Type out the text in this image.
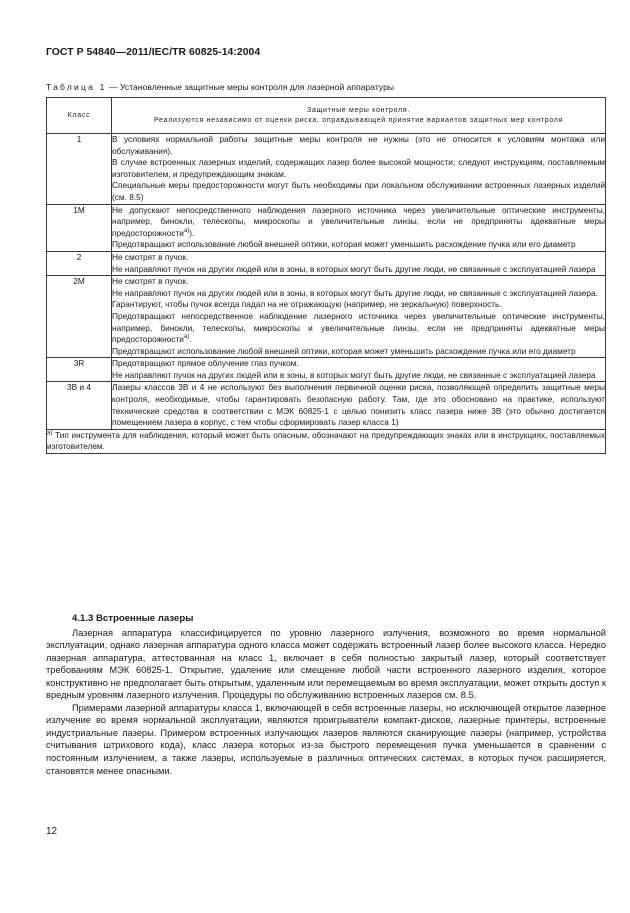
ГОСТ Р 54840—2011/IEC/TR 60825-14:2004
Таблица 1 — Установленные защитные меры контроля для лазерной аппаратуры
Класс	Защитные меры контроля.
Реализуются независимо от оценки риска, оправдывающей принятие вариантов защитных мер контроля

1	В условиях нормальной работы защитные меры контроля не нужны (это не относится к условиям монтажа или обслуживания).

В случае встроенных лазерных изделий, содержащих лазер более высокой мощности, следуют инструкциям, поставляемым изготовителем, и предупреждающим знакам.

Специальные меры предосторожности могут быть необходимы при локальном обслуживании встроенных лазерных изделий (см. 8.5)

1M	Не допускают непосредственного наблюдения лазерного источника через увеличительные оптические инструменты, например, бинокли, телескопы, микроскопы и увеличительные линзы, если не предприняты адекватные меры предосторожности$^{а)}$).

Предотвращают использование любой внешней оптики, которая может уменьшить расхождение пучка или его диаметр

2	Не смотрят в пучок.

Не направляют пучок на других людей или в зоны, в которых могут быть другие люди, не связанные с эксплуатацией лазера

2M	Не смотрят в пучок.

Не направляют пучок на других людей или в зоны, в которых могут быть другие люди, не связанные с эксплуатацией лазера.

Гарантируют, чтобы пучок всегда падал на не отражающую (например, не зеркальную) поверхность.

Предотвращают непосредственное наблюдение лазерного источника через увеличительные оптические инструменты, например, бинокли, телескопы, микроскопы и увеличительные линзы, если не предприняты адекватные меры предосторожности$^{а)}$.

Предотвращают использование любой внешней оптики, которая может уменьшить расхождение пучка или его диаметр

3R	Предотвращают прямое облучение глаз пучком.

Не направляют пучок на других людей или в зоны, в которых могут быть другие люди, не связанные с эксплуатацией лазера

3B и 4	Лазеры классов 3B и 4 не используют без выполнения первичной оценки риска, позволяющей определить защитные меры контроля, необходимые, чтобы гарантировать безопасную работу. Там, где это обосновано на практике, используют технические средства в соответствии с МЭК 60825-1 с целью понизить класс лазера ниже 3B (это обычно достигается помещением лазера в корпус, с тем чтобы сформировать лазер класса 1)

$^{а)}$ Тип инструмента для наблюдения, который может быть опасным, обозначают на предупреждающих знаках или в инструкциях, поставляемых изготовителем.	
4.1.3 Встроенные лазеры

Лазерная аппаратура классифицируется по уровню лазерного излучения, возможного во время нормальной эксплуатации, однако лазерная аппаратура одного класса может содержать встроенный лазер более высокого класса. Нередко лазерная аппаратура, аттестованная на класс 1, включает в себя полностью закрытый лазер, который соответствует требованиям МЭК 60825-1. Открытие, удаление или смещение любой части встроенного лазерного изделия, которое конструктивно не предполагает быть открытым, удаленным или перемещаемым во время эксплуатации, может открыть доступ к вредным уровням лазерного излучения. Процедуры по обслуживанию встроенных лазеров см. 8.5.

Примерами лазерной аппаратуры класса 1, включающей в себя встроенные лазеры, но исключающей открытое лазерное излучение во время нормальной эксплуатации, являются проигрыватели компакт-дисков, лазерные принтеры, встроенные индустриальные лазеры. Примером встроенных излучающих лазеров являются сканирующие лазеры (например, устройства считывания штрихового кода), класс лазера которых из-за быстрого перемещения пучка уменьшается в сравнении с постоянным излучением, а также лазеры, используемые в различных оптических системах, в которых пучок расширяется, становятся менее опасными.

12
